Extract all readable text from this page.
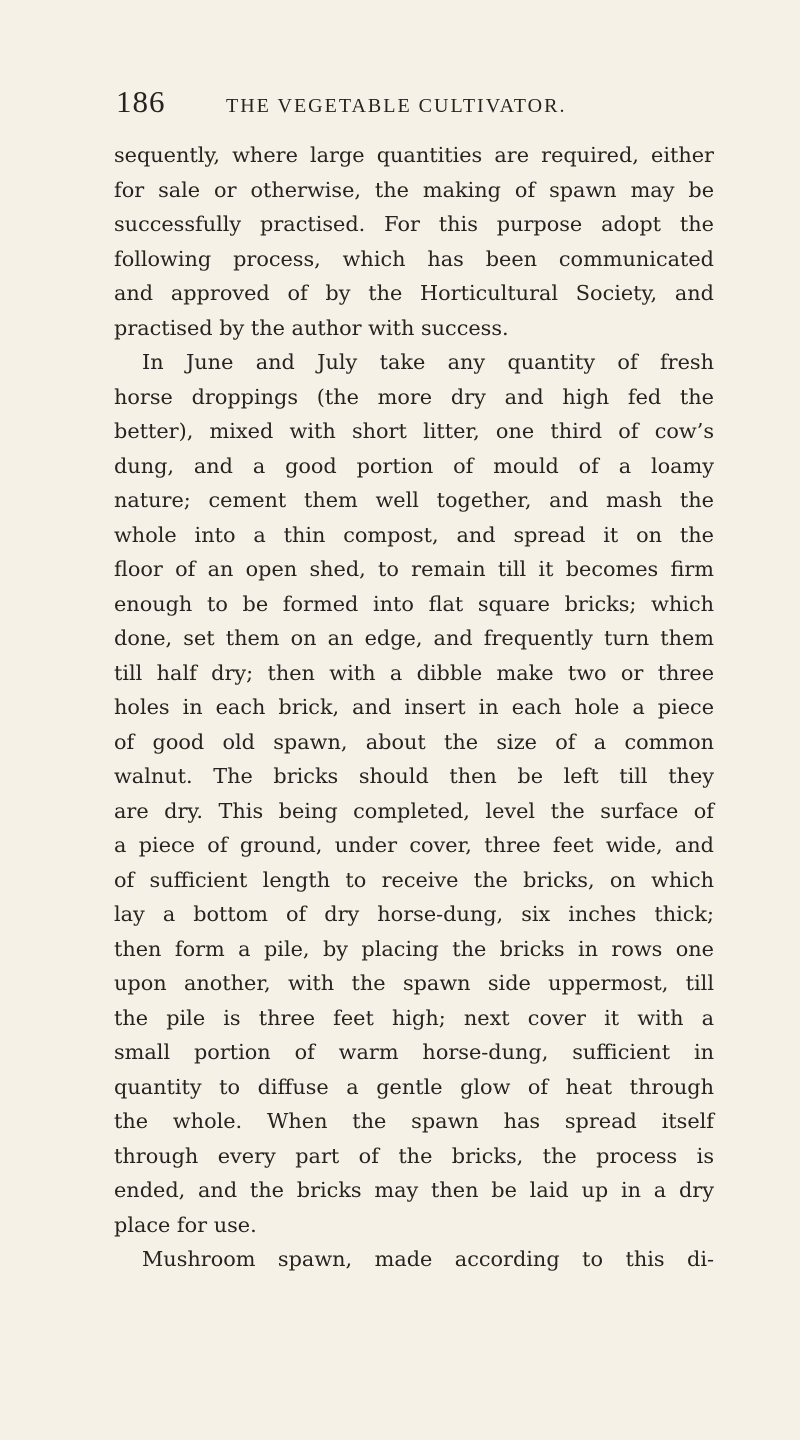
186	THE VEGETABLE CULTIVATOR.
sequently, where large quantities are required, either
for sale or otherwise, the making of spawn may be
successfully practised. For this purpose adopt the
following process, which has been communicated
and approved of by the Horticultural Society, and
practised by the author with success.
In June and July take any quantity of fresh
horse droppings (the more dry and high fed the
better), mixed with short litter, one third of cow’s
dung, and a good portion of mould of a loamy
nature; cement them well together, and mash the
whole into a thin compost, and spread it on the
floor of an open shed, to remain till it becomes firm
enough to be formed into flat square bricks; which
done, set them on an edge, and frequently turn them
till half dry; then with a dibble make two or three
holes in each brick, and insert in each hole a piece
of good old spawn, about the size of a common
walnut. The bricks should then be left till they
are dry. This being completed, level the surface of
a piece of ground, under cover, three feet wide, and
of sufficient length to receive the bricks, on which
lay a bottom of dry horse-dung, six inches thick;
then form a pile, by placing the bricks in rows one
upon another, with the spawn side uppermost, till
the pile is three feet high; next cover it with a
small portion of warm horse-dung, sufficient in
quantity to diffuse a gentle glow of heat through
the whole. When the spawn has spread itself
through every part of the bricks, the process is
ended, and the bricks may then be laid up in a dry
place for use.
Mushroom spawn, made according to this di-
